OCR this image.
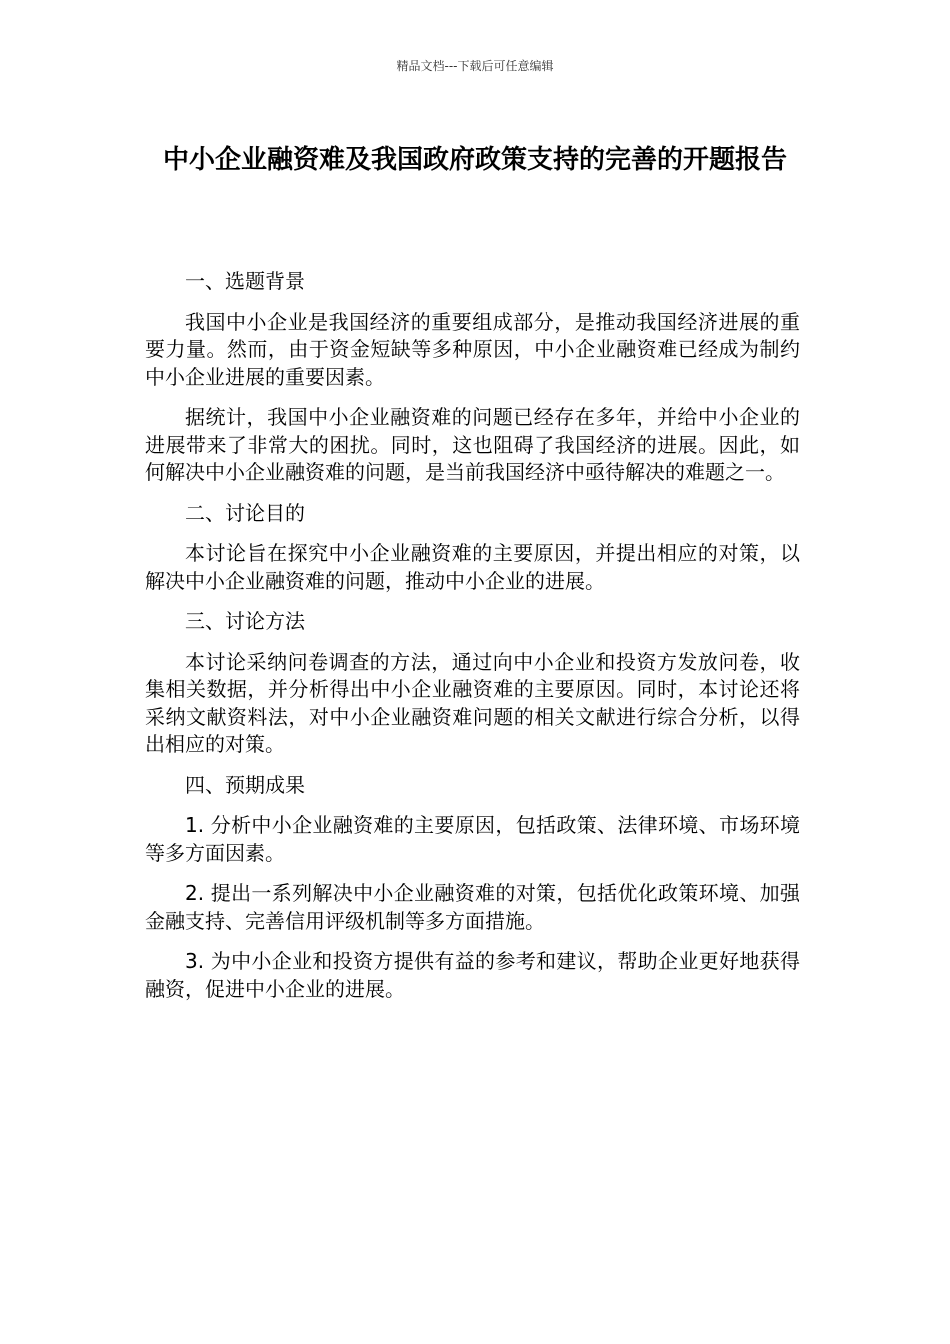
精品文档---下载后可任意编辑
中小企业融资难及我国政府政策支持的完善的开题报告

一、选题背景

我国中小企业是我国经济的重要组成部分，是推动我国经济进展的重要力量。然而，由于资金短缺等多种原因，中小企业融资难已经成为制约中小企业进展的重要因素。

据统计，我国中小企业融资难的问题已经存在多年，并给中小企业的进展带来了非常大的困扰。同时，这也阻碍了我国经济的进展。因此，如何解决中小企业融资难的问题，是当前我国经济中亟待解决的难题之一。

二、讨论目的

本讨论旨在探究中小企业融资难的主要原因，并提出相应的对策，以解决中小企业融资难的问题，推动中小企业的进展。

三、讨论方法

本讨论采纳问卷调查的方法，通过向中小企业和投资方发放问卷，收集相关数据，并分析得出中小企业融资难的主要原因。同时，本讨论还将采纳文献资料法，对中小企业融资难问题的相关文献进行综合分析，以得出相应的对策。

四、预期成果

1. 分析中小企业融资难的主要原因，包括政策、法律环境、市场环境等多方面因素。

2. 提出一系列解决中小企业融资难的对策，包括优化政策环境、加强金融支持、完善信用评级机制等多方面措施。

3. 为中小企业和投资方提供有益的参考和建议，帮助企业更好地获得融资，促进中小企业的进展。
